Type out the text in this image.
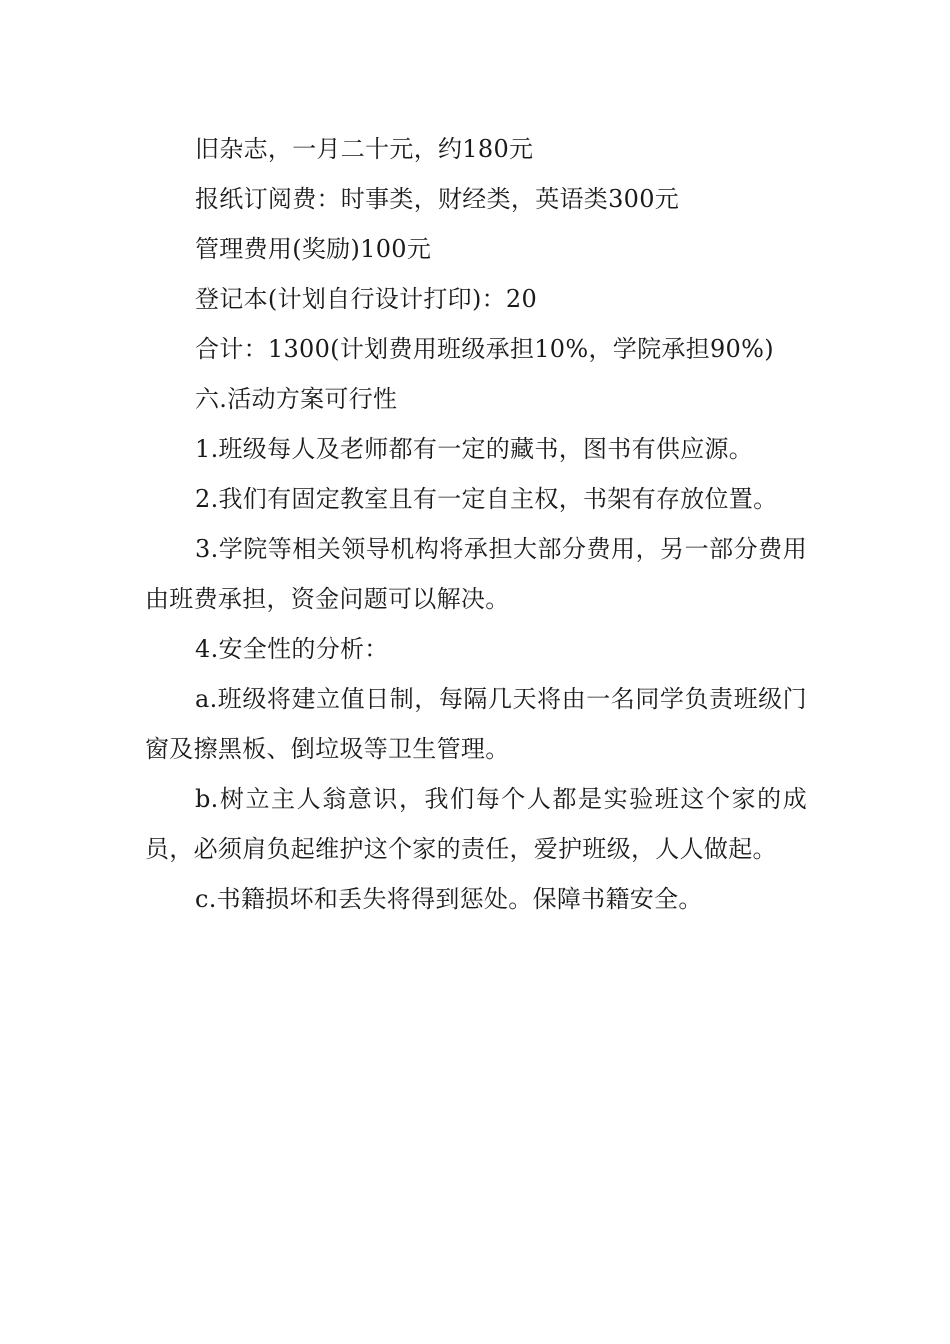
旧杂志，一月二十元，约180元

报纸订阅费：时事类，财经类，英语类300元

管理费用(奖励)100元

登记本(计划自行设计打印)：20

合计：1300(计划费用班级承担10%，学院承担90%)

六.活动方案可行性

1.班级每人及老师都有一定的藏书，图书有供应源。

2.我们有固定教室且有一定自主权，书架有存放位置。

3.学院等相关领导机构将承担大部分费用，另一部分费用由班费承担，资金问题可以解决。

4.安全性的分析：

a.班级将建立值日制，每隔几天将由一名同学负责班级门窗及擦黑板、倒垃圾等卫生管理。

b.树立主人翁意识，我们每个人都是实验班这个家的成员，必须肩负起维护这个家的责任，爱护班级，人人做起。

c.书籍损坏和丢失将得到惩处。保障书籍安全。
